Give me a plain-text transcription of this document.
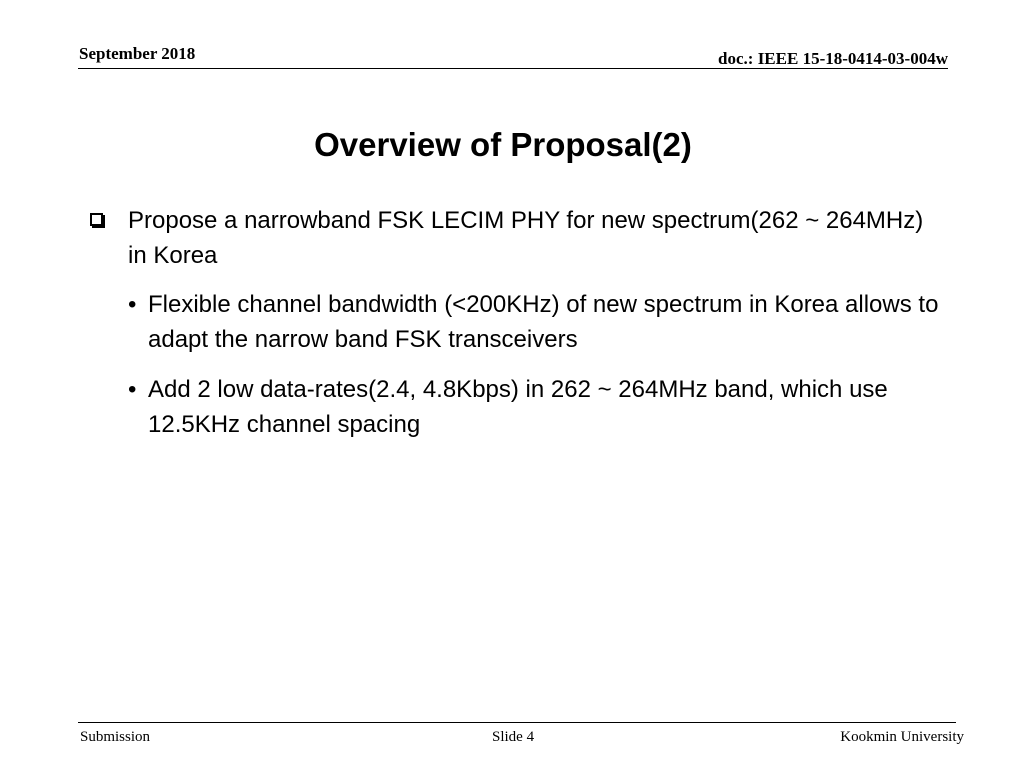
September 2018	doc.: IEEE 15-18-0414-03-004w
Overview of Proposal(2)
Propose a narrowband FSK LECIM PHY for new spectrum(262 ~ 264MHz) in Korea
• Flexible channel bandwidth (<200KHz) of new spectrum in Korea allows to adapt the narrow band FSK transceivers
• Add 2 low data-rates(2.4, 4.8Kbps) in 262 ~ 264MHz band, which use 12.5KHz channel spacing
Submission	Slide 4	Kookmin University
